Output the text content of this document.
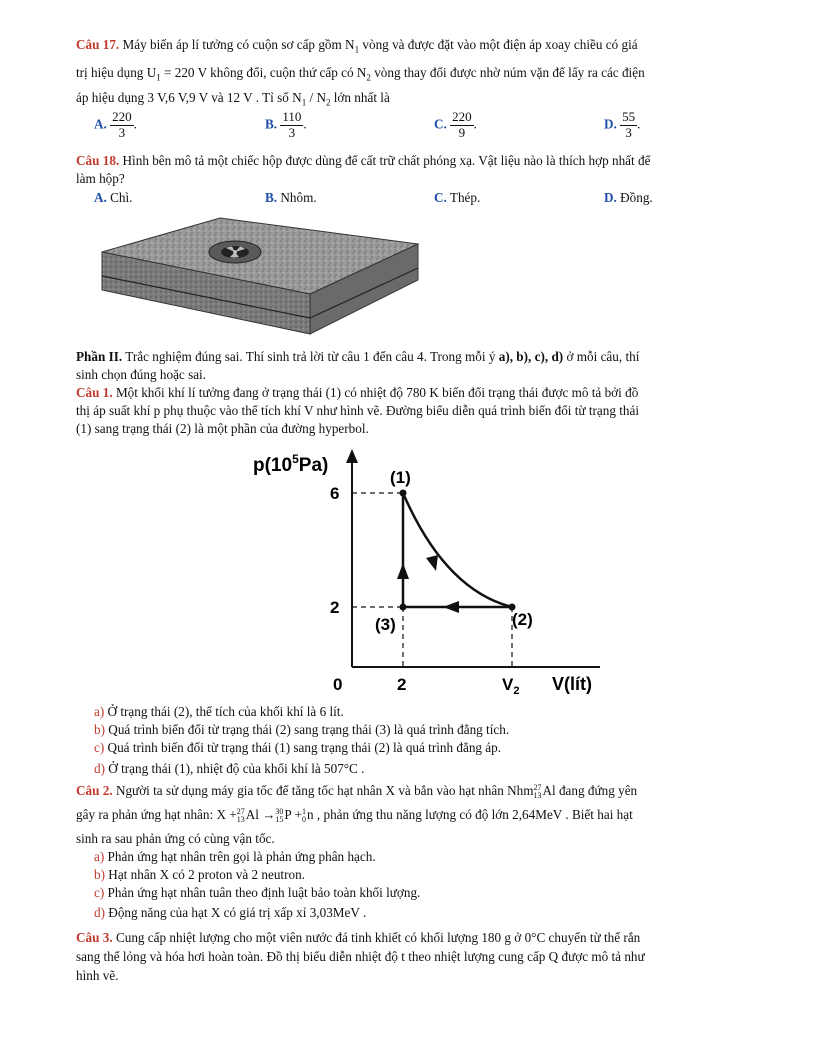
Câu 17. Máy biến áp lí tưởng có cuộn sơ cấp gồm $N_1$ vòng và được đặt vào một điện áp xoay chiều có giá
trị hiệu dụng $U_1 = 220$ V không đổi, cuộn thứ cấp có $N_2$ vòng thay đổi được nhờ núm vặn để lấy ra các điện
áp hiệu dụng 3 V,6 V,9 V và 12 V . Tỉ số $N_1 / N_2$ lớn nhất là
A. $\frac{220}{3}$ .	B. $\frac{110}{3}$ .	C. $\frac{220}{9}$ .	D. $\frac{55}{3}$ .
Câu 18. Hình bên mô tả một chiếc hộp được dùng để cất trữ chất phóng xạ. Vật liệu nào là thích hợp nhất để
làm hộp?
A. Chì.	B. Nhôm.	C. Thép.	D. Đồng.
Phần II. Trắc nghiệm đúng sai. Thí sinh trả lời từ câu 1 đến câu 4. Trong mỗi ý a), b), c), d) ở mỗi câu, thí
sinh chọn đúng hoặc sai.
Câu 1. Một khối khí lí tưởng đang ở trạng thái (1) có nhiệt độ 780 K biến đổi trạng thái được mô tả bởi đồ
thị áp suất khí p phụ thuộc vào thể tích khí V như hình vẽ. Đường biểu diễn quá trình biến đổi từ trạng thái
(1) sang trạng thái (2) là một phần của đường hyperbol.
$p(10^5Pa)$
6
2
0	2	$V_2$ V(lít)
(1)
(2)
(3)
a) Ở trạng thái (2), thể tích của khối khí là 6 lít.
b) Quá trình biến đổi từ trạng thái (2) sang trạng thái (3) là quá trình đẳng tích.
c) Quá trình biến đổi từ trạng thái (1) sang trạng thái (2) là quá trình đẳng áp.
d) Ở trạng thái (1), nhiệt độ của khối khí là 507°C .
Câu 2. Người ta sử dụng máy gia tốc để tăng tốc hạt nhân X và bắn vào hạt nhân Nhm 27
13 Al đang đứng yên
gây ra phản ứng hạt nhân: X + 27
13 Al → 30
15 P + 1
0 n , phản ứng thu năng lượng có độ lớn 2,64MeV . Biết hai hạt
sinh ra sau phản ứng có cùng vận tốc.
a) Phản ứng hạt nhân trên gọi là phản ứng phân hạch.
b) Hạt nhân X có 2 proton và 2 neutron.
c) Phản ứng hạt nhân tuân theo định luật bảo toàn khối lượng.
d) Động năng của hạt X có giá trị xấp xỉ 3,03MeV .
Câu 3. Cung cấp nhiệt lượng cho một viên nước đá tinh khiết có khối lượng 180 g ở 0°C chuyển từ thể rắn
sang thể lỏng và hóa hơi hoàn toàn. Đồ thị biểu diễn nhiệt độ t theo nhiệt lượng cung cấp Q được mô tả như
hình vẽ.
